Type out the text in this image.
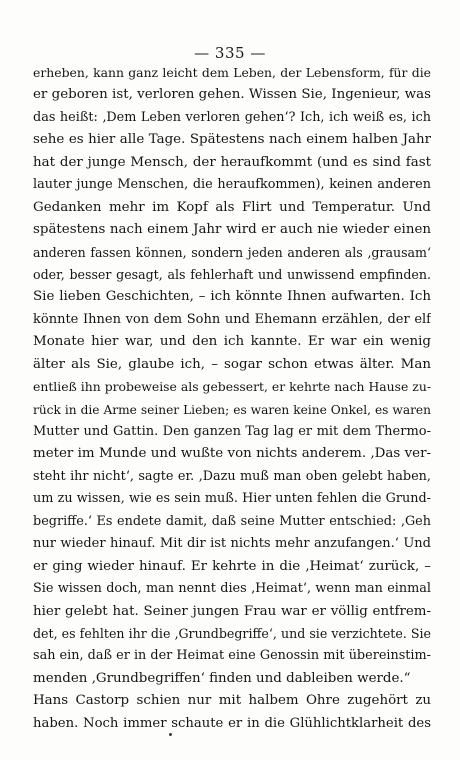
— 335 —
erheben, kann ganz leicht dem Leben, der Lebensform, für die
er geboren ist, verloren gehen. Wissen Sie, Ingenieur, was
das heißt: ‚Dem Leben verloren gehen‘? Ich, ich weiß es, ich
sehe es hier alle Tage. Spätestens nach einem halben Jahr
hat der junge Mensch, der heraufkommt (und es sind fast
lauter junge Menschen, die heraufkommen), keinen anderen
Gedanken mehr im Kopf als Flirt und Temperatur. Und
spätestens nach einem Jahr wird er auch nie wieder einen
anderen fassen können, sondern jeden anderen als ‚grausam‘
oder, besser gesagt, als fehlerhaft und unwissend empfinden.
Sie lieben Geschichten, – ich könnte Ihnen aufwarten. Ich
könnte Ihnen von dem Sohn und Ehemann erzählen, der elf
Monate hier war, und den ich kannte. Er war ein wenig
älter als Sie, glaube ich, – sogar schon etwas älter. Man
entließ ihn probeweise als gebessert, er kehrte nach Hause zu-
rück in die Arme seiner Lieben; es waren keine Onkel, es waren
Mutter und Gattin. Den ganzen Tag lag er mit dem Thermo-
meter im Munde und wußte von nichts anderem. ‚Das ver-
steht ihr nicht‘, sagte er. ‚Dazu muß man oben gelebt haben,
um zu wissen, wie es sein muß. Hier unten fehlen die Grund-
begriffe.‘ Es endete damit, daß seine Mutter entschied: ‚Geh
nur wieder hinauf. Mit dir ist nichts mehr anzufangen.‘ Und
er ging wieder hinauf. Er kehrte in die ‚Heimat‘ zurück, –
Sie wissen doch, man nennt dies ‚Heimat‘, wenn man einmal
hier gelebt hat. Seiner jungen Frau war er völlig entfrem-
det, es fehlten ihr die ‚Grundbegriffe‘, und sie verzichtete. Sie
sah ein, daß er in der Heimat eine Genossin mit übereinstim-
menden ‚Grundbegriffen‘ finden und dableiben werde.“
Hans Castorp schien nur mit halbem Ohre zugehört zu
haben. Noch immer schaute er in die Glühlichtklarheit des
